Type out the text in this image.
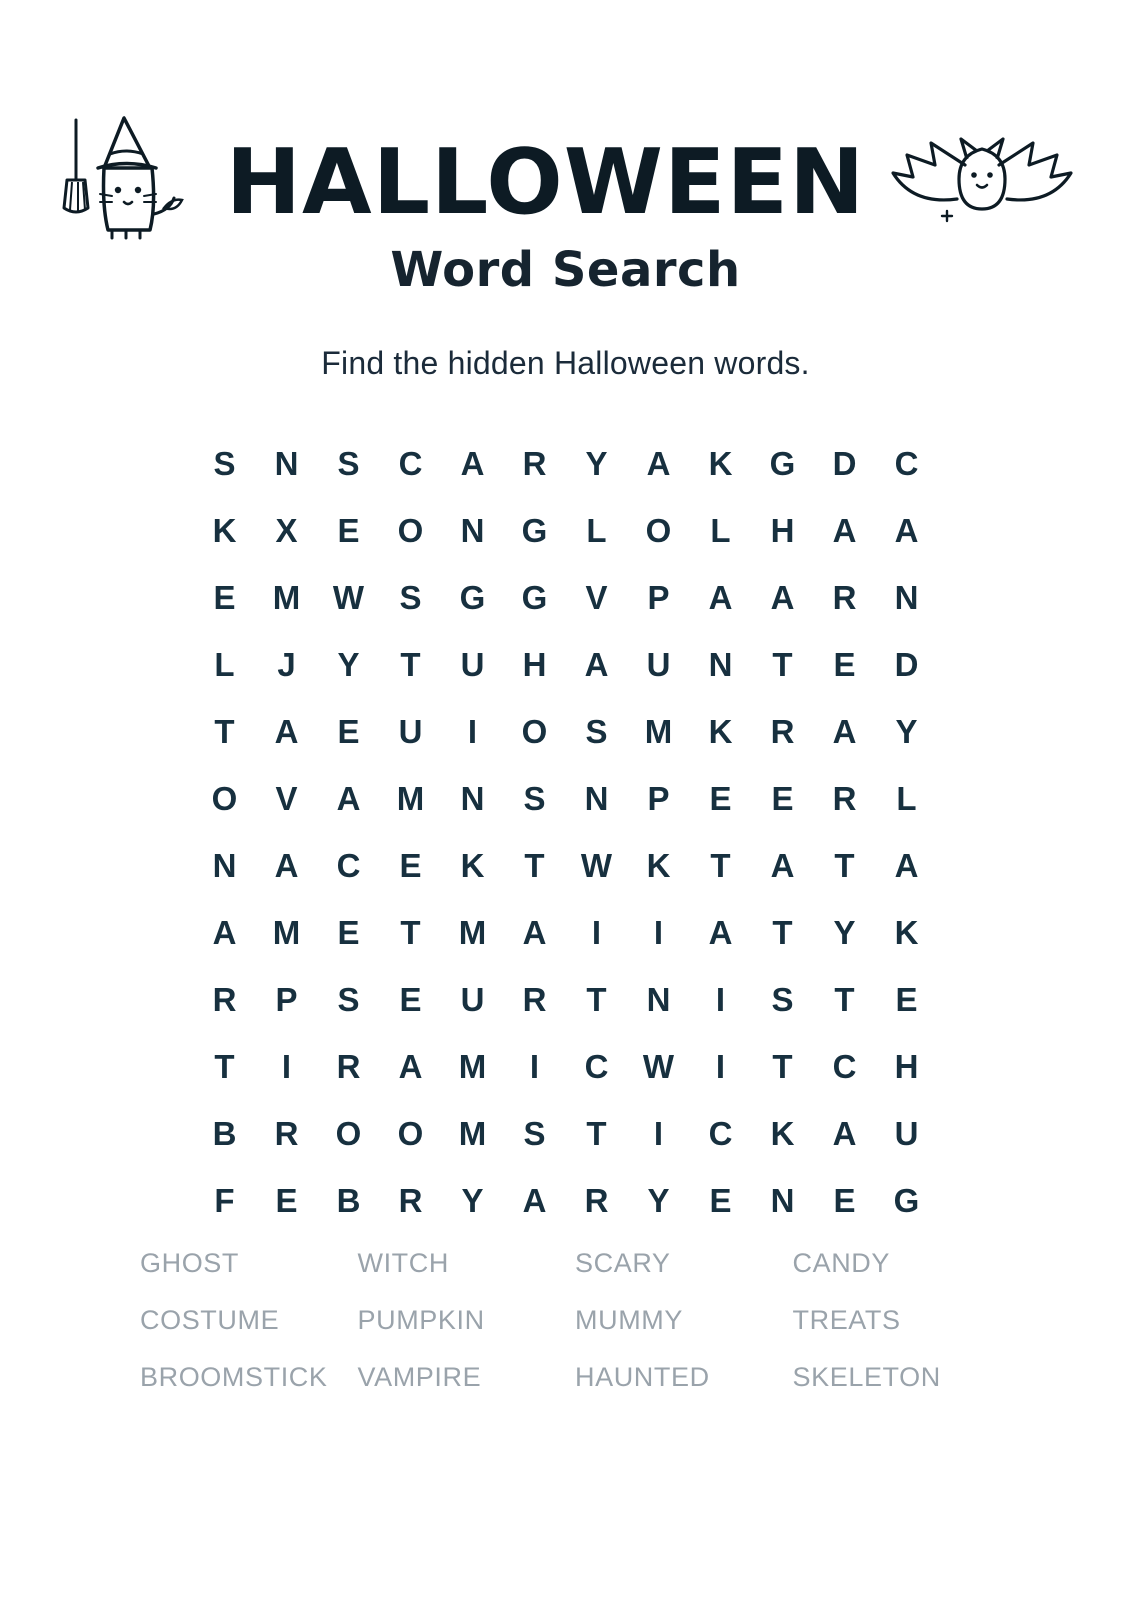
HALLOWEEN
Word Search
Find the hidden Halloween words.
S N S C A R Y A K G D C
K X E O N G L O L H A A
E M W S G G V P A A R N
L J Y T U H A U N T E D
T A E U I O S M K R A Y
O V A M N S N P E E R L
N A C E K T W K T A T A
A M E T M A I I A T Y K
R P S E U R T N I S T E
T I R A M I C W I T C H
B R O O M S T I C K A U
F E B R Y A R Y E N E G
GHOST	WITCH	SCARY	CANDY
COSTUME	PUMPKIN	MUMMY	TREATS
BROOMSTICK	VAMPIRE	HAUNTED	SKELETON
